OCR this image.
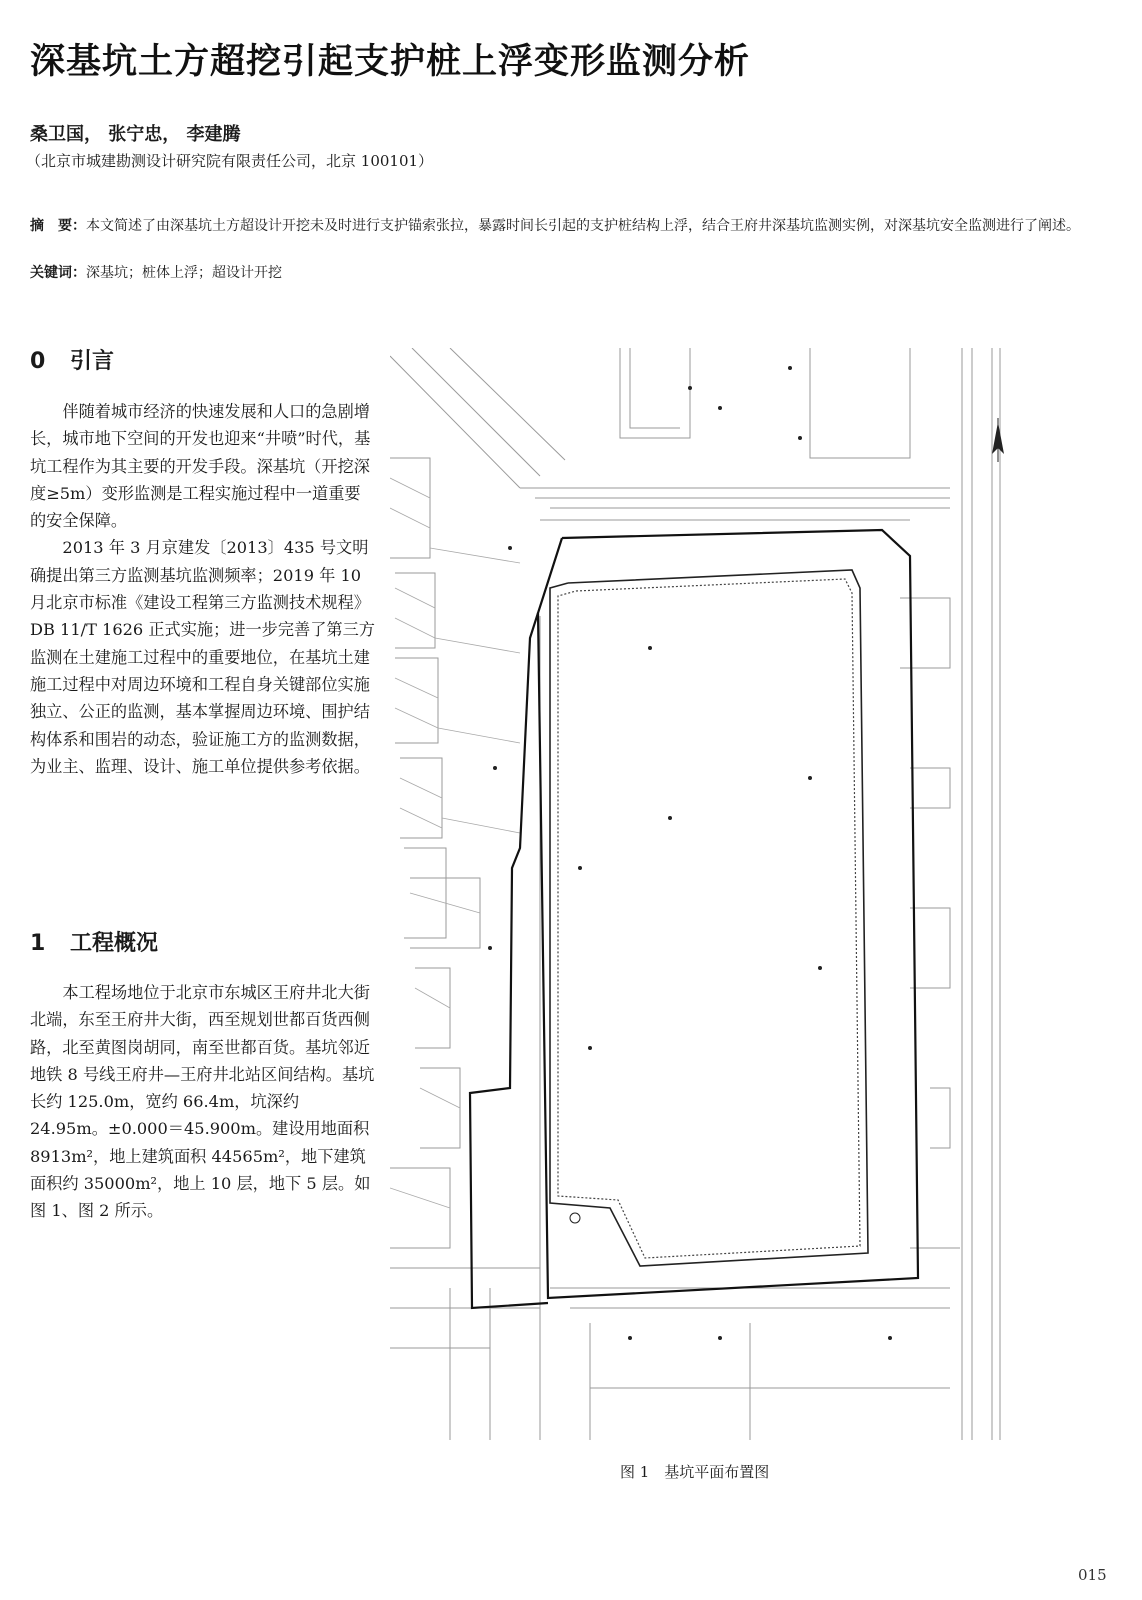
深基坑土方超挖引起支护桩上浮变形监测分析
桑卫国， 张宁忠， 李建腾
（北京市城建勘测设计研究院有限责任公司，北京 100101）
摘　要：本文简述了由深基坑土方超设计开挖未及时进行支护锚索张拉，暴露时间长引起的支护桩结构上浮，结合王府井深基坑监测实例，对深基坑安全监测进行了阐述。
关键词：深基坑；桩体上浮；超设计开挖
0 引言

伴随着城市经济的快速发展和人口的急剧增长，城市地下空间的开发也迎来“井喷”时代，基坑工程作为其主要的开发手段。深基坑（开挖深度≥5m）变形监测是工程实施过程中一道重要的安全保障。

2013 年 3 月京建发〔2013〕435 号文明确提出第三方监测基坑监测频率；2019 年 10 月北京市标准《建设工程第三方监测技术规程》DB 11/T 1626 正式实施；进一步完善了第三方监测在土建施工过程中的重要地位，在基坑土建施工过程中对周边环境和工程自身关键部位实施独立、公正的监测，基本掌握周边环境、围护结构体系和围岩的动态，验证施工方的监测数据，为业主、监理、设计、施工单位提供参考依据。

1 工程概况

本工程场地位于北京市东城区王府井北大街北端，东至王府井大街，西至规划世都百货西侧路，北至黄图岗胡同，南至世都百货。基坑邻近地铁 8 号线王府井—王府井北站区间结构。基坑长约 125.0m，宽约 66.4m，坑深约 24.95m。±0.000＝45.900m。建设用地面积 8913m²，地上建筑面积 44565m²，地下建筑面积约 35000m²，地上 10 层，地下 5 层。如图 1、图 2 所示。

图 1　基坑平面布置图
015
